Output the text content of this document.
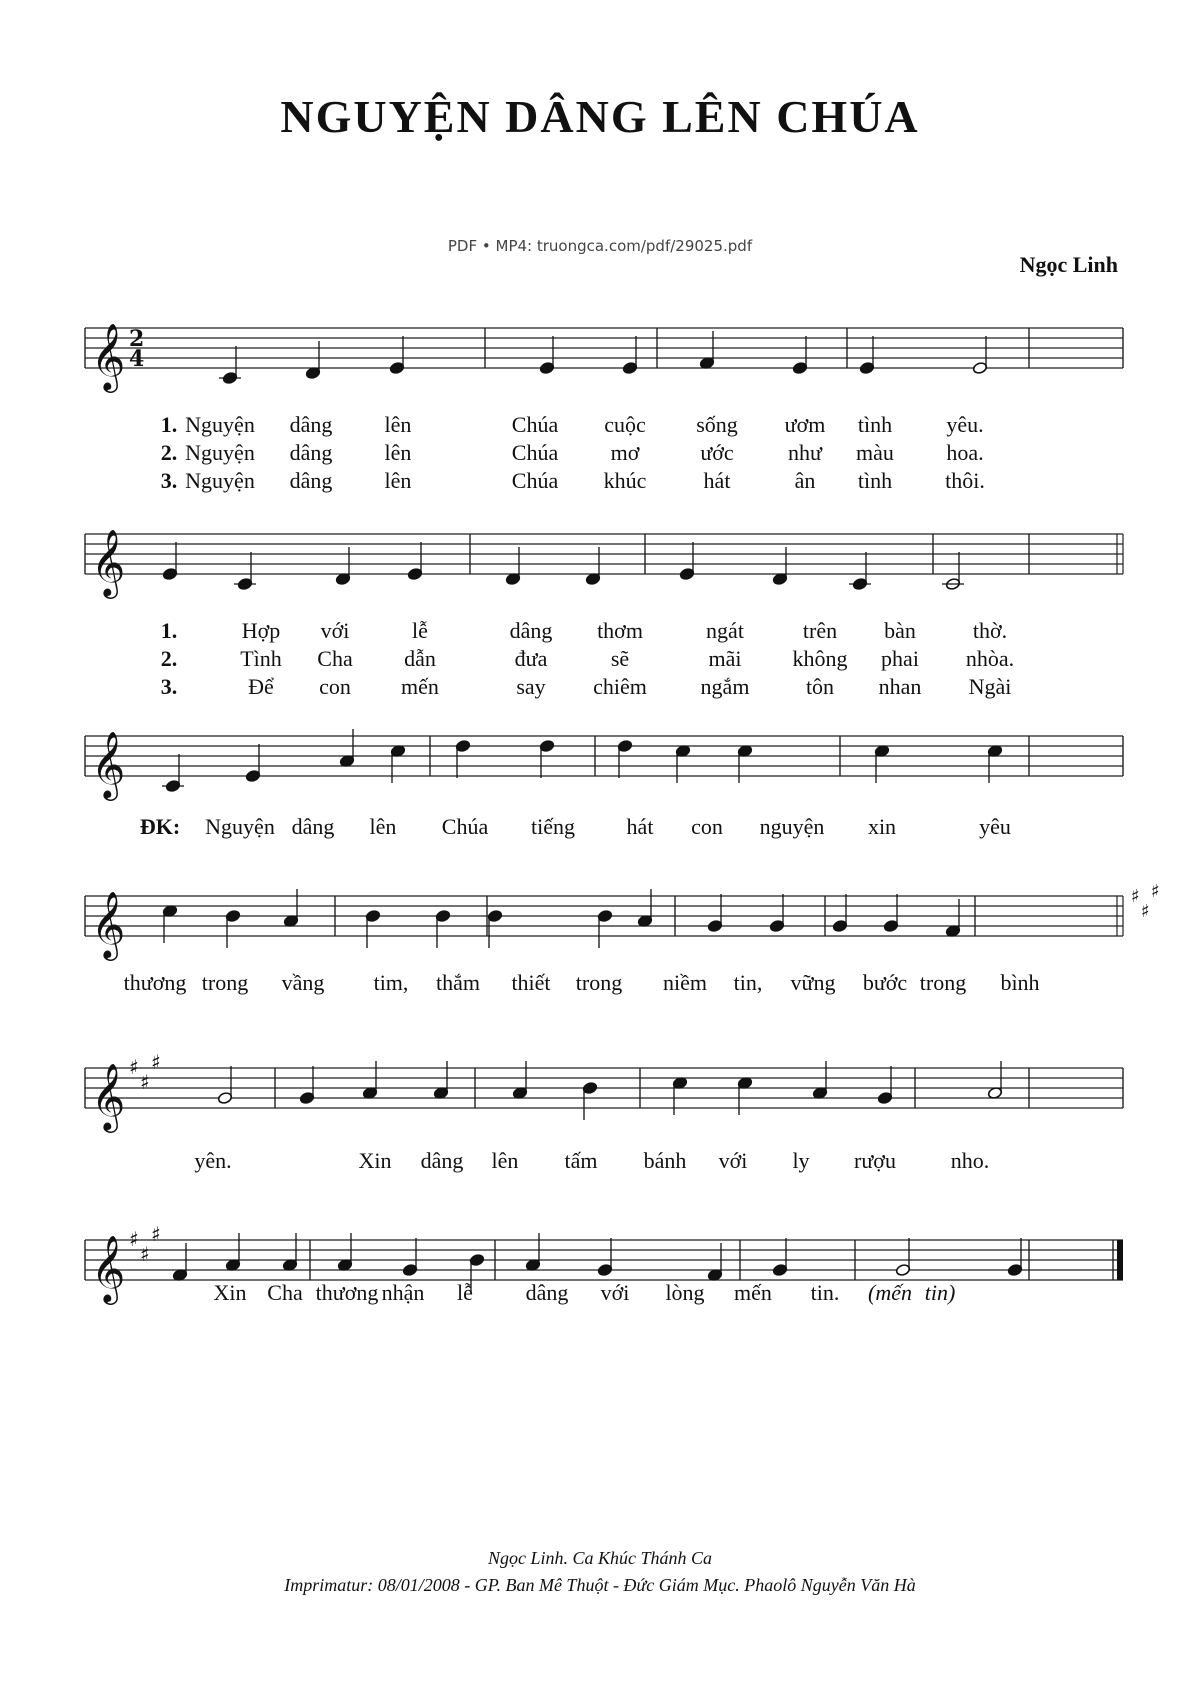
NGUYỆN DÂNG LÊN CHÚA
PDF • MP4: truongca.com/pdf/29025.pdf
Ngọc Linh
𝄞 2
4
1. Nguyện dâng lên	Chúa cuộc sống ươm tình yêu.
2. Nguyện dâng lên	Chúa mơ	ước như màu hoa.
3. Nguyện dâng lên	Chúa khúc	hát	ân tình thôi.
𝄞
1.	Hợp với	lễ	dâng thơm	ngát	trên bàn	thờ.
2.	Tình Cha dẫn	đưa	sẽ	mãi không phai nhòa.
3.	Để con mến	say chiêm ngắm	tôn nhan Ngài
𝄞
ĐK: Nguyện dâng lên Chúa tiếng hát con nguyện xin	yêu
𝄞	♯
♯
♯
thương trong vầng tim, thắm thiết trong niềm tin, vững bước trong bình
𝄞 ♯
♯
♯
yên.	Xin dâng lên tấm bánh với ly rượu nho.
𝄞 ♯
♯
♯
Xin Cha thương nhận lễ dâng với lòng mến tin. (mến tin)
Ngọc Linh. Ca Khúc Thánh Ca
Imprimatur: 08/01/2008 - GP. Ban Mê Thuột - Đức Giám Mục. Phaolô Nguyễn Văn Hà
